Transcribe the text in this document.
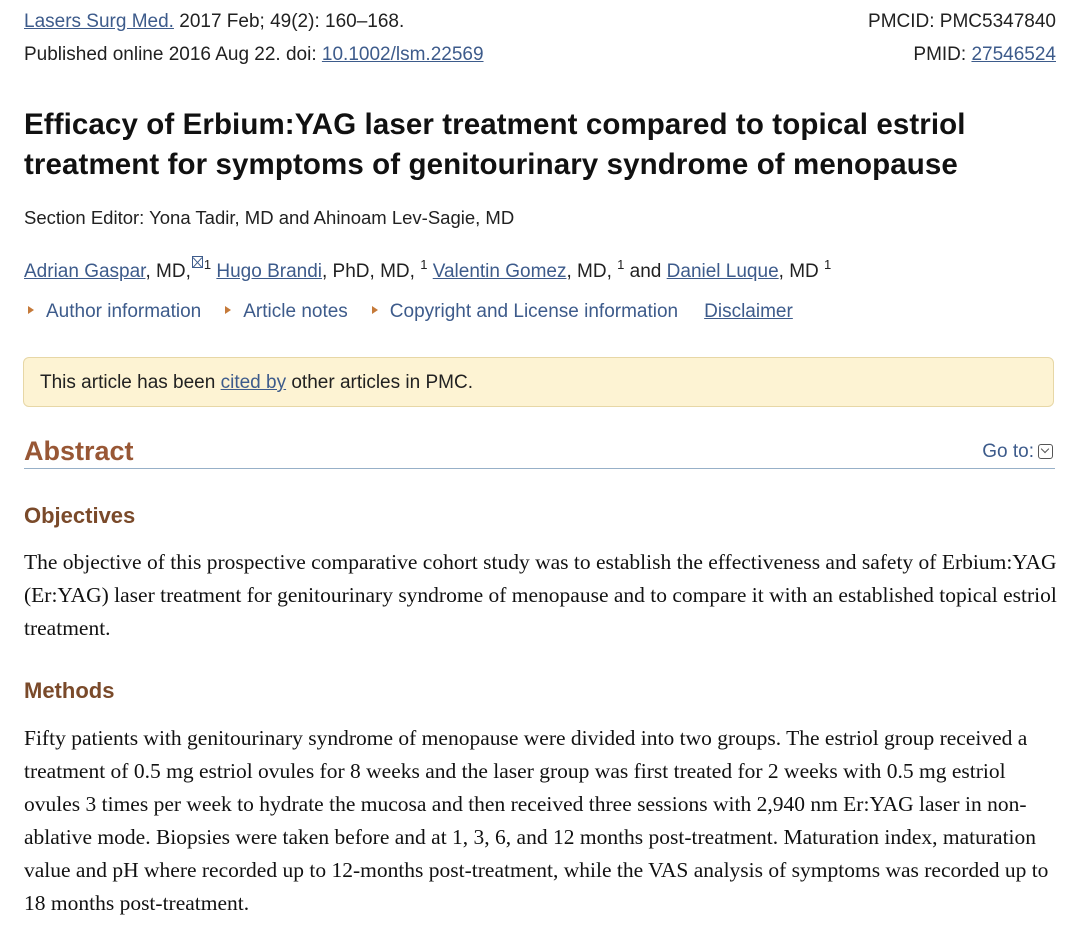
Lasers Surg Med. 2017 Feb; 49(2): 160–168.	PMCID: PMC5347840
Published online 2016 Aug 22. doi: 10.1002/lsm.22569	PMID: 27546524
Efficacy of Erbium:YAG laser treatment compared to topical estriol treatment for symptoms of genitourinary syndrome of menopause
Section Editor: Yona Tadir, MD and Ahinoam Lev-Sagie, MD
Adrian Gaspar, MD, $^1$ Hugo Brandi, PhD, MD, $^1$ Valentin Gomez, MD, $^1$ and Daniel Luque, MD $^1$
Author information Article notes Copyright and License information Disclaimer
This article has been cited by other articles in PMC.
Abstract	Go to:
Objectives

The objective of this prospective comparative cohort study was to establish the effectiveness and safety of Erbium:YAG (Er:YAG) laser treatment for genitourinary syndrome of menopause and to compare it with an established topical estriol treatment.

Methods

Fifty patients with genitourinary syndrome of menopause were divided into two groups. The estriol group received a treatment of 0.5 mg estriol ovules for 8 weeks and the laser group was first treated for 2 weeks with 0.5 mg estriol ovules 3 times per week to hydrate the mucosa and then received three sessions with 2,940 nm Er:YAG laser in non-ablative mode. Biopsies were taken before and at 1, 3, 6, and 12 months post-treatment. Maturation index, maturation value and pH where recorded up to 12-months post-treatment, while the VAS analysis of symptoms was recorded up to 18 months post-treatment.
